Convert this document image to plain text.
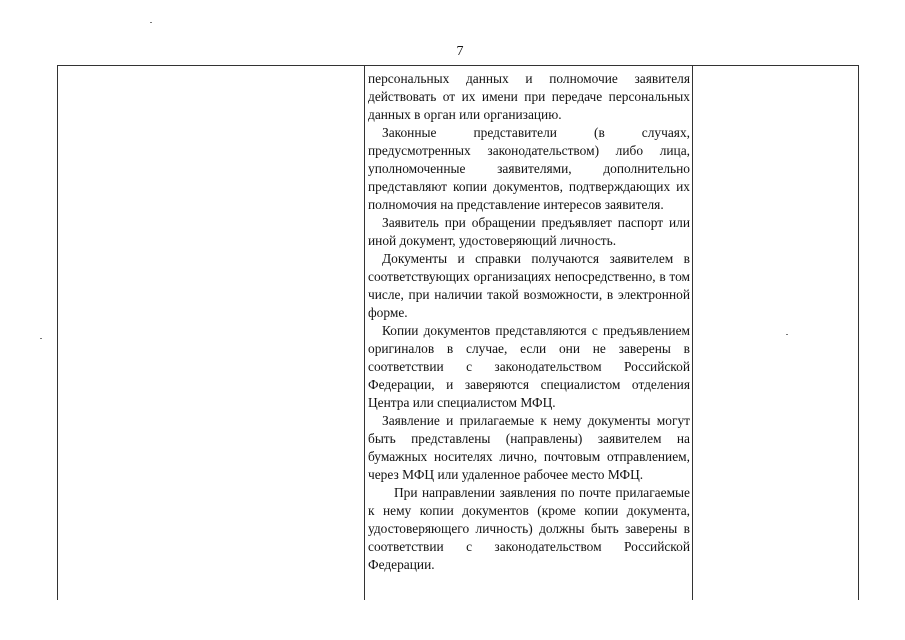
7

персональных данных и полномочие заявителя действовать от их имени при передаче персональных данных в орган или организацию.

Законные представители (в случаях, предусмотренных законодательством) либо лица, уполномоченные заявителями, дополнительно представляют копии документов, подтверждающих их полномочия на представление интересов заявителя.

Заявитель при обращении предъявляет паспорт или иной документ, удостоверяющий личность.

Документы и справки получаются заявителем в соответствующих организациях непосредственно, в том числе, при наличии такой возможности, в электронной форме.

Копии документов представляются с предъявлением оригиналов в случае, если они не заверены в соответствии с законодательством Российской Федерации, и заверяются специалистом отделения Центра или специалистом МФЦ.

Заявление и прилагаемые к нему документы могут быть представлены (направлены) заявителем на бумажных носителях лично, почтовым отправлением, через МФЦ или удаленное рабочее место МФЦ.

При направлении заявления по почте прилагаемые к нему копии документов (кроме копии документа, удостоверяющего личность) должны быть заверены в соответствии с законодательством Российской Федерации.
